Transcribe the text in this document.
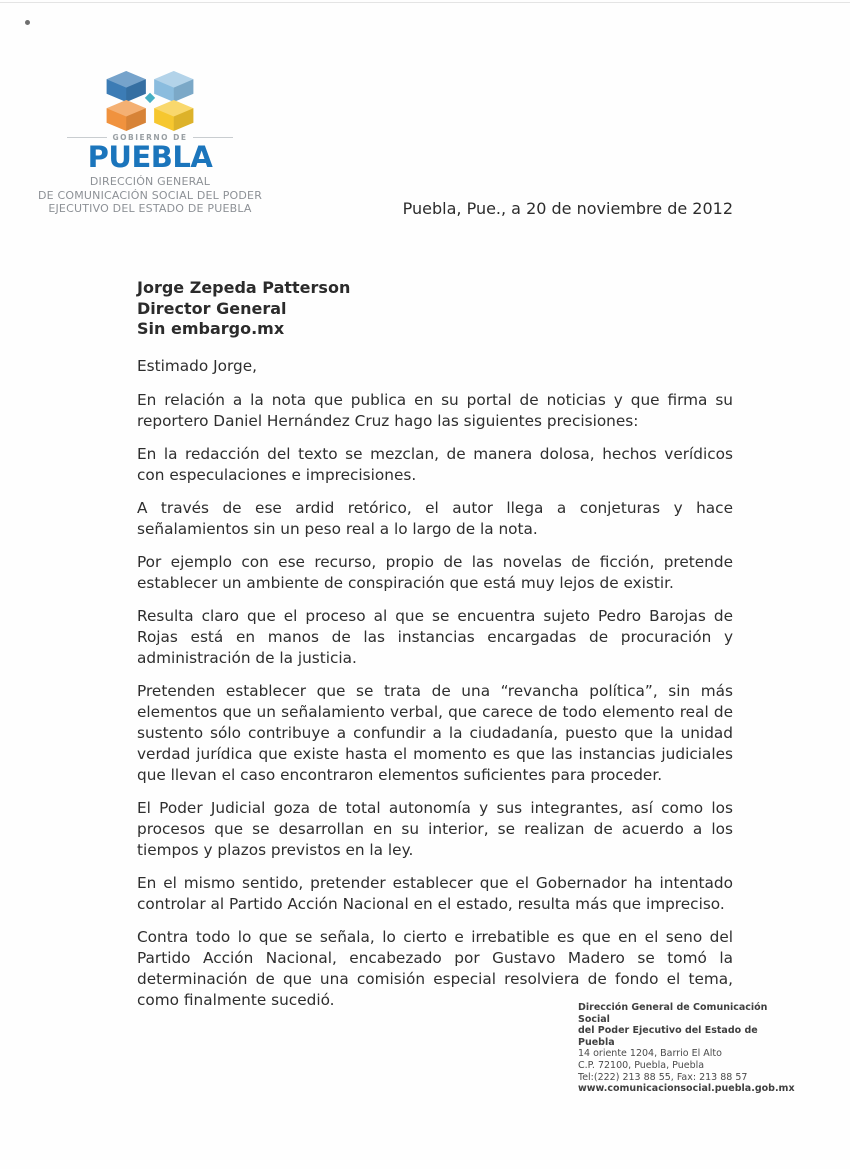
GOBIERNO DE
PUEBLA
DIRECCIÓN GENERAL
DE COMUNICACIÓN SOCIAL DEL PODER
EJECUTIVO DEL ESTADO DE PUEBLA	Puebla, Pue., a 20 de noviembre de 2012
Jorge Zepeda Patterson
Director General
Sin embargo.mx
Estimado Jorge,

En relación a la nota que publica en su portal de noticias y que firma su reportero Daniel Hernández Cruz hago las siguientes precisiones:

En la redacción del texto se mezclan, de manera dolosa, hechos verídicos con especulaciones e imprecisiones.

A través de ese ardid retórico, el autor llega a conjeturas y hace señalamientos sin un peso real a lo largo de la nota.

Por ejemplo con ese recurso, propio de las novelas de ficción, pretende establecer un ambiente de conspiración que está muy lejos de existir.

Resulta claro que el proceso al que se encuentra sujeto Pedro Barojas de Rojas está en manos de las instancias encargadas de procuración y administración de la justicia.

Pretenden establecer que se trata de una “revancha política”, sin más elementos que un señalamiento verbal, que carece de todo elemento real de sustento sólo contribuye a confundir a la ciudadanía, puesto que la unidad verdad jurídica que existe hasta el momento es que las instancias judiciales que llevan el caso encontraron elementos suficientes para proceder.

El Poder Judicial goza de total autonomía y sus integrantes, así como los procesos que se desarrollan en su interior, se realizan de acuerdo a los tiempos y plazos previstos en la ley.

En el mismo sentido, pretender establecer que el Gobernador ha intentado controlar al Partido Acción Nacional en el estado, resulta más que impreciso.

Contra todo lo que se señala, lo cierto e irrebatible es que en el seno del Partido Acción Nacional, encabezado por Gustavo Madero se tomó la determinación de que una comisión especial resolviera de fondo el tema, como finalmente sucedió.	Dirección General de Comunicación Social
del Poder Ejecutivo del Estado de Puebla
14 oriente 1204, Barrio El Alto
C.P. 72100, Puebla, Puebla
Tel:(222) 213 88 55, Fax: 213 88 57
www.comunicacionsocial.puebla.gob.mx
